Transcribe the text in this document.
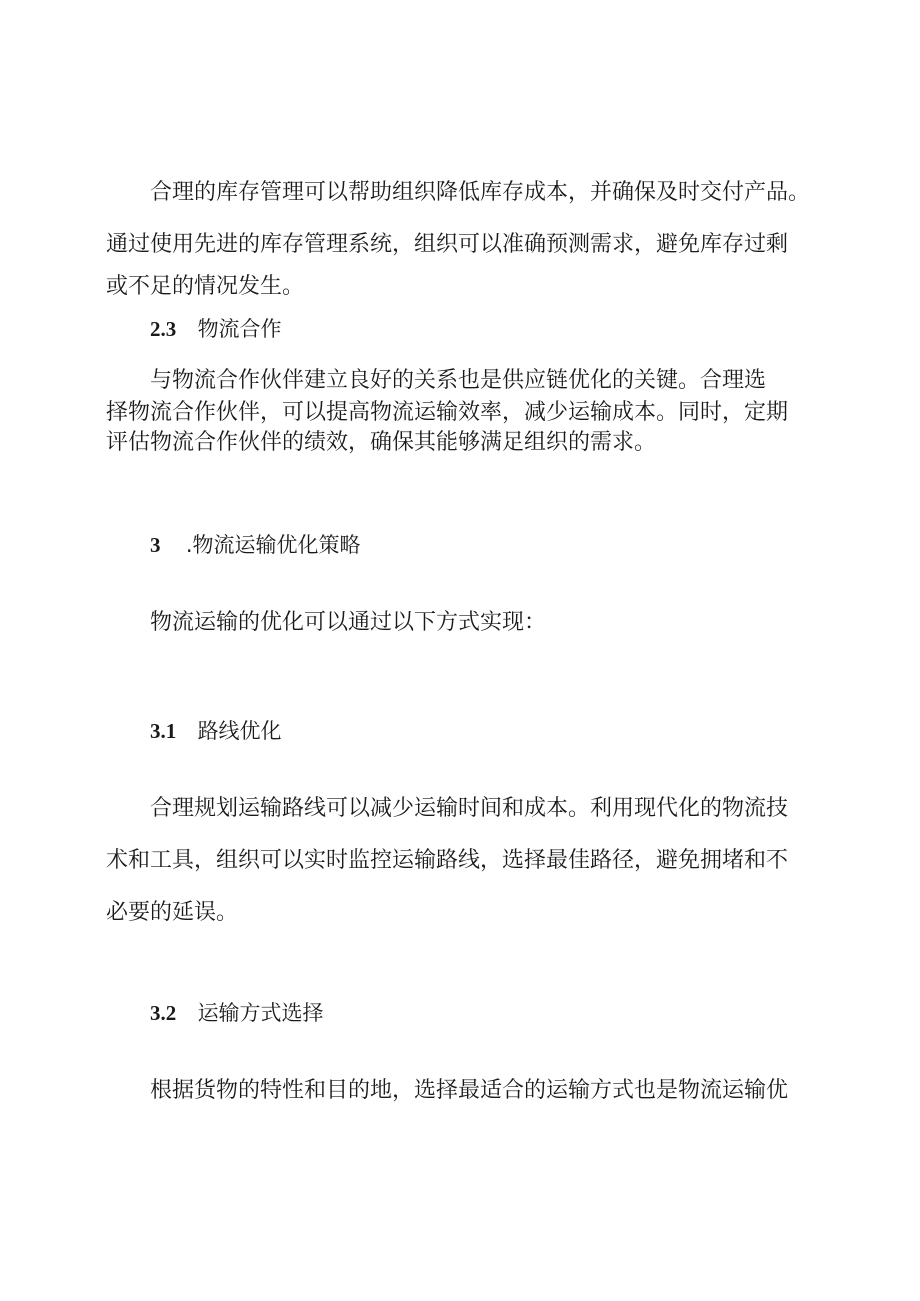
合理的库存管理可以帮助组织降低库存成本，并确保及时交付产品。

通过使用先进的库存管理系统，组织可以准确预测需求，避免库存过剩

或不足的情况发生。

2.3 物流合作

与物流合作伙伴建立良好的关系也是供应链优化的关键。合理选

择物流合作伙伴，可以提高物流运输效率，减少运输成本。同时，定期

评估物流合作伙伴的绩效，确保其能够满足组织的需求。

3 .物流运输优化策略

物流运输的优化可以通过以下方式实现：

3.1 路线优化

合理规划运输路线可以减少运输时间和成本。利用现代化的物流技

术和工具，组织可以实时监控运输路线，选择最佳路径，避免拥堵和不

必要的延误。

3.2 运输方式选择

根据货物的特性和目的地，选择最适合的运输方式也是物流运输优
